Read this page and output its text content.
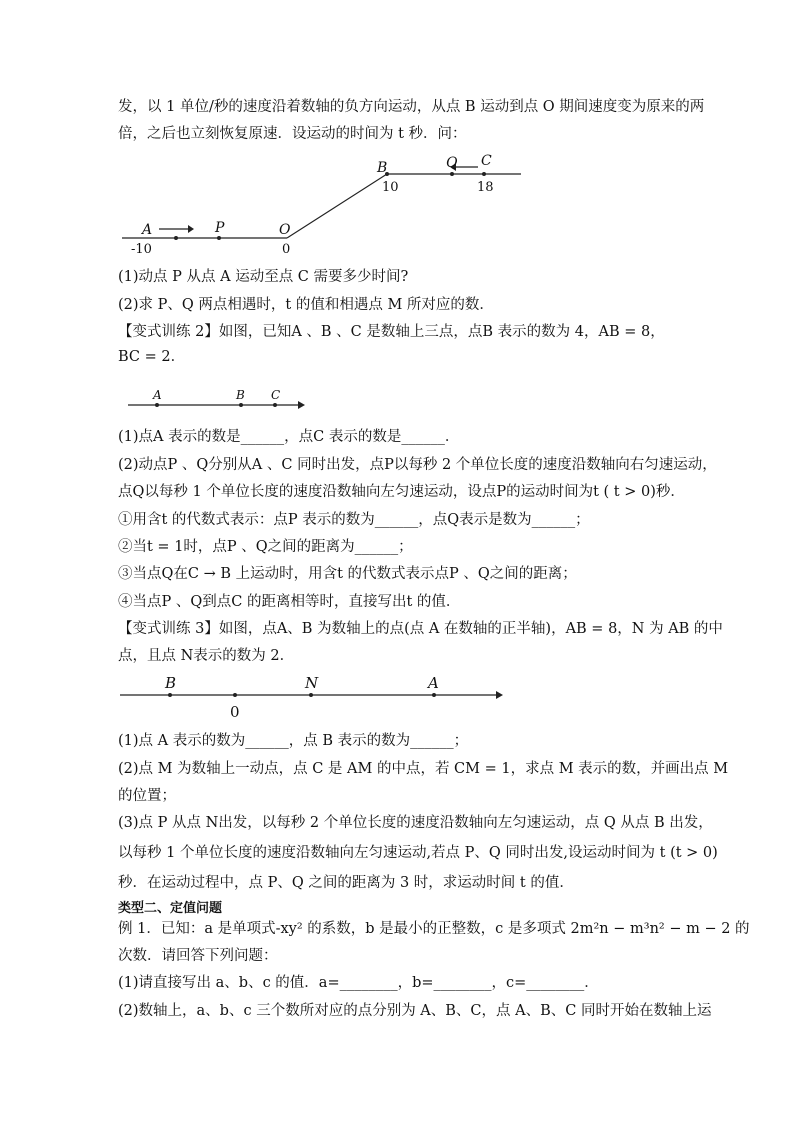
发，以 1 单位/秒的速度沿着数轴的负方向运动，从点 B 运动到点 O 期间速度变为原来的两
倍，之后也立刻恢复原速．设运动的时间为 t 秒．问：
A	P	O
B	Q C
-10	0
10	18
(1)动点 P 从点 A 运动至点 C 需要多少时间?
(2)求 P、Q 两点相遇时，t 的值和相遇点 M 所对应的数．
【变式训练 2】如图，已知A 、B 、C 是数轴上三点，点B 表示的数为 4，AB = 8，
BC = 2．
A	B C
(1)点A 表示的数是______，点C 表示的数是______．
(2)动点P 、Q分别从A 、C 同时出发，点P以每秒 2 个单位长度的速度沿数轴向右匀速运动，
点Q以每秒 1 个单位长度的速度沿数轴向左匀速运动，设点P的运动时间为t ( t > 0)秒．
①用含t 的代数式表示：点P 表示的数为______，点Q表示是数为______；
②当t = 1时，点P 、Q之间的距离为______；
③当点Q在C → B 上运动时，用含t 的代数式表示点P 、Q之间的距离；
④当点P 、Q到点C 的距离相等时，直接写出t 的值．
【变式训练 3】如图，点A、B 为数轴上的点(点 A 在数轴的正半轴)，AB = 8，N 为 AB 的中
点，且点 N表示的数为 2．
B	N	A
0
(1)点 A 表示的数为______，点 B 表示的数为______；
(2)点 M 为数轴上一动点，点 C 是 AM 的中点，若 CM = 1，求点 M 表示的数，并画出点 M
的位置；
(3)点 P 从点 N出发，以每秒 2 个单位长度的速度沿数轴向左匀速运动，点 Q 从点 B 出发，
以每秒 1 个单位长度的速度沿数轴向左匀速运动,若点 P、Q 同时出发,设运动时间为 t (t > 0)
秒．在运动过程中，点 P、Q 之间的距离为 3 时，求运动时间 t 的值．
类型二、定值问题
例 1．已知：a 是单项式-xy² 的系数，b 是最小的正整数，c 是多项式 2m²n − m³n² − m − 2 的
次数．请回答下列问题：
(1)请直接写出 a、b、c 的值．a=________，b=________，c=________．
(2)数轴上，a、b、c 三个数所对应的点分别为 A、B、C，点 A、B、C 同时开始在数轴上运
